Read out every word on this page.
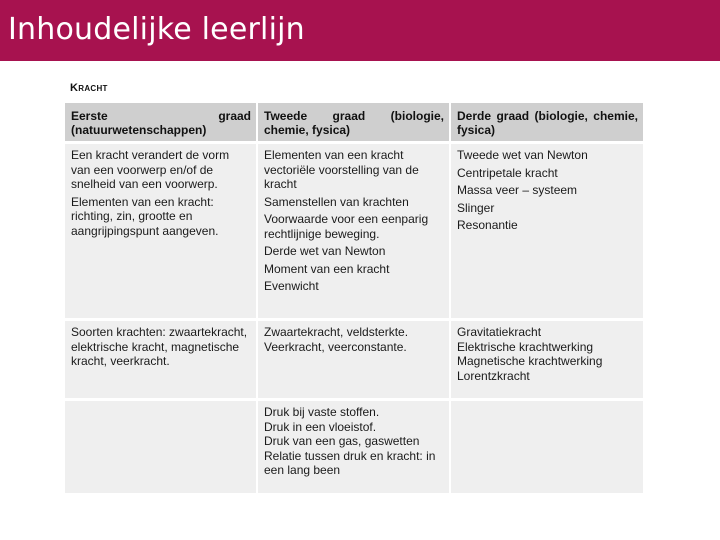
Inhoudelijke leerlijn
Kracht

Eerste graad (natuurwetenschappen)

Tweede graad (biologie, chemie, fysica)

Derde graad (biologie, chemie, fysica)

Een kracht verandert de vorm van een voorwerp en/of de snelheid van een voorwerp.
Elementen van een kracht: richting, zin, grootte en aangrijpingspunt aangeven.
Elementen van een kracht vectoriële voorstelling van de kracht
Samenstellen van krachten
Voorwaarde voor een eenparig rechtlijnige beweging.
Derde wet van Newton
Moment van een kracht
Evenwicht
Tweede wet van Newton
Centripetale kracht
Massa veer – systeem
Slinger
Resonantie
Soorten krachten: zwaartekracht, elektrische kracht, magnetische kracht, veerkracht.
Zwaartekracht, veldsterkte.
Veerkracht, veerconstante.
Gravitatiekracht
Elektrische krachtwerking
Magnetische krachtwerking
Lorentzkracht
Druk bij vaste stoffen.
Druk in een vloeistof.
Druk van een gas, gaswetten
Relatie tussen druk en kracht: in een lang been
